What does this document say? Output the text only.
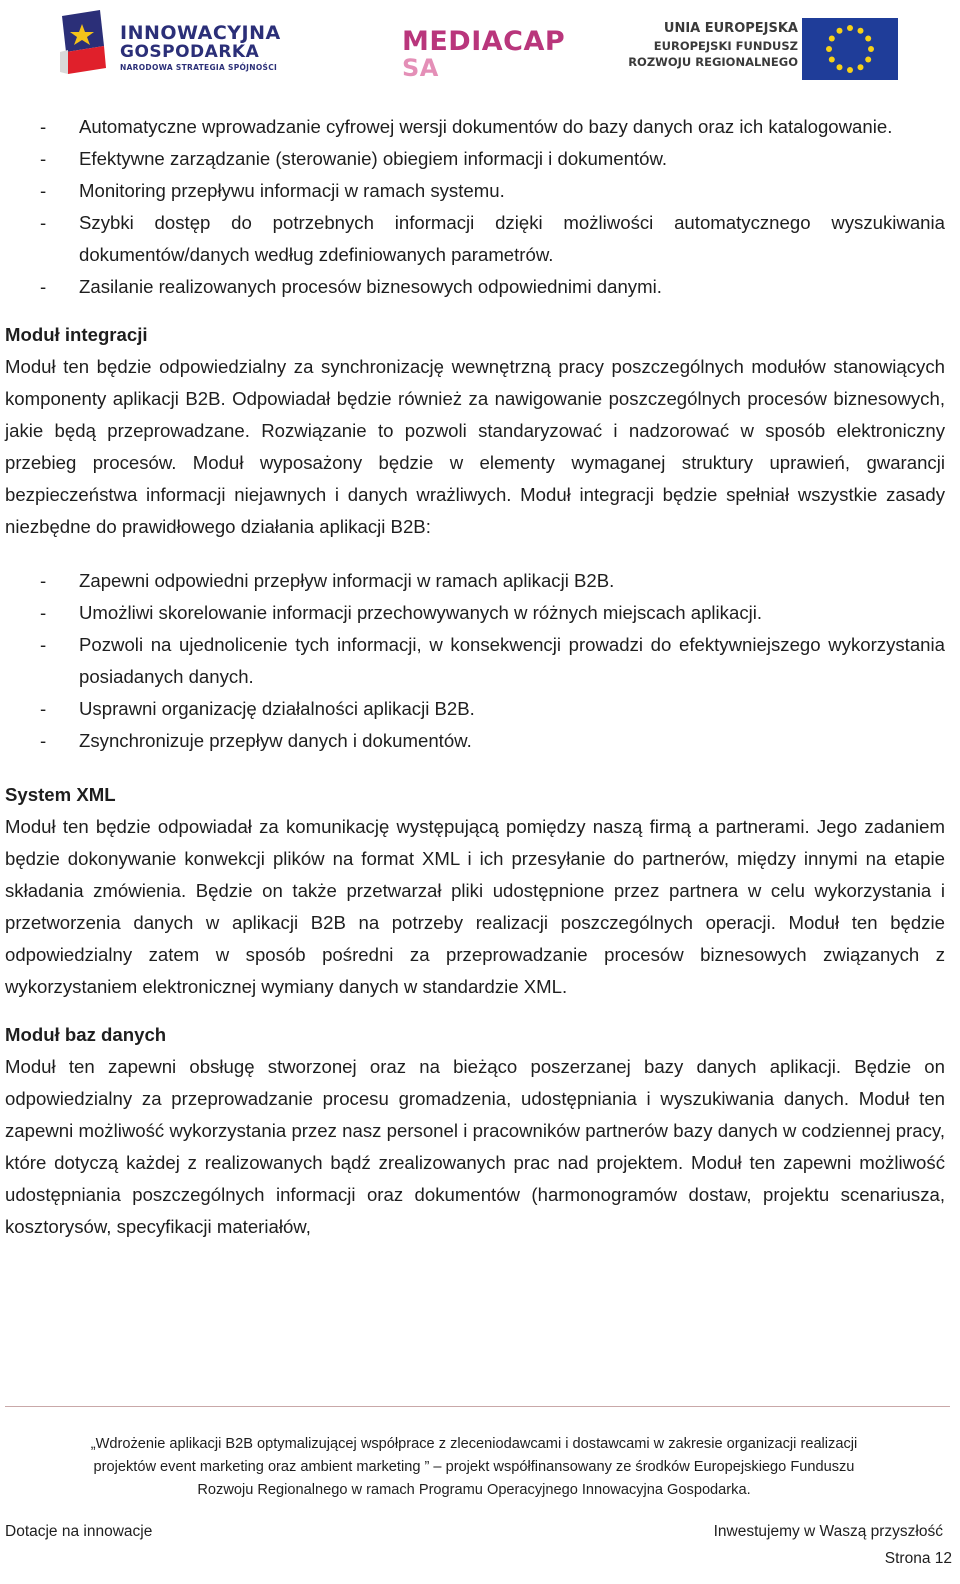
INNOWACYJNA
GOSPODARKA
NARODOWA STRATEGIA SPÓJNOŚCI
MEDIACAP
SA
UNIA EUROPEJSKA
EUROPEJSKI FUNDUSZ
ROZWOJU REGIONALNEGO
- Automatyczne wprowadzanie cyfrowej wersji dokumentów do bazy danych oraz ich katalogowanie.
- Efektywne zarządzanie (sterowanie) obiegiem informacji i dokumentów.
- Monitoring przepływu informacji w ramach systemu.
- Szybki dostęp do potrzebnych informacji dzięki możliwości automatycznego wyszukiwania dokumentów/danych według zdefiniowanych parametrów.
- Zasilanie realizowanych procesów biznesowych odpowiednimi danymi.
Moduł integracji
Moduł ten będzie odpowiedzialny za synchronizację wewnętrzną pracy poszczególnych modułów stanowiących komponenty aplikacji B2B. Odpowiadał będzie również za nawigowanie poszczególnych procesów biznesowych, jakie będą przeprowadzane. Rozwiązanie to pozwoli standaryzować i nadzorować w sposób elektroniczny przebieg procesów. Moduł wyposażony będzie w elementy wymaganej struktury uprawień, gwarancji bezpieczeństwa informacji niejawnych i danych wrażliwych. Moduł integracji będzie spełniał wszystkie zasady niezbędne do prawidłowego działania aplikacji B2B:
- Zapewni odpowiedni przepływ informacji w ramach aplikacji B2B.
- Umożliwi skorelowanie informacji przechowywanych w różnych miejscach aplikacji.
- Pozwoli na ujednolicenie tych informacji, w konsekwencji prowadzi do efektywniejszego wykorzystania posiadanych danych.
- Usprawni organizację działalności aplikacji B2B.
- Zsynchronizuje przepływ danych i dokumentów.
System XML
Moduł ten będzie odpowiadał za komunikację występującą pomiędzy naszą firmą a partnerami. Jego zadaniem będzie dokonywanie konwekcji plików na format XML i ich przesyłanie do partnerów, między innymi na etapie składania zmówienia. Będzie on także przetwarzał pliki udostępnione przez partnera w celu wykorzystania i przetworzenia danych w aplikacji B2B na potrzeby realizacji poszczególnych operacji. Moduł ten będzie odpowiedzialny zatem w sposób pośredni za przeprowadzanie procesów biznesowych związanych z wykorzystaniem elektronicznej wymiany danych w standardzie XML.
Moduł baz danych
Moduł ten zapewni obsługę stworzonej oraz na bieżąco poszerzanej bazy danych aplikacji. Będzie on odpowiedzialny za przeprowadzanie procesu gromadzenia, udostępniania i wyszukiwania danych. Moduł ten zapewni możliwość wykorzystania przez nasz personel i pracowników partnerów bazy danych w codziennej pracy, które dotyczą każdej z realizowanych bądź zrealizowanych prac nad projektem. Moduł ten zapewni możliwość udostępniania poszczególnych informacji oraz dokumentów (harmonogramów dostaw, projektu scenariusza, kosztorysów, specyfikacji materiałów,
„Wdrożenie aplikacji B2B optymalizującej współprace z zleceniodawcami i dostawcami w zakresie organizacji realizacji
projektów event marketing oraz ambient marketing ” – projekt współfinansowany ze środków Europejskiego Funduszu
Rozwoju Regionalnego w ramach Programu Operacyjnego Innowacyjna Gospodarka.
Dotacje na innowacje	Inwestujemy w Waszą przyszłość
Strona 12
